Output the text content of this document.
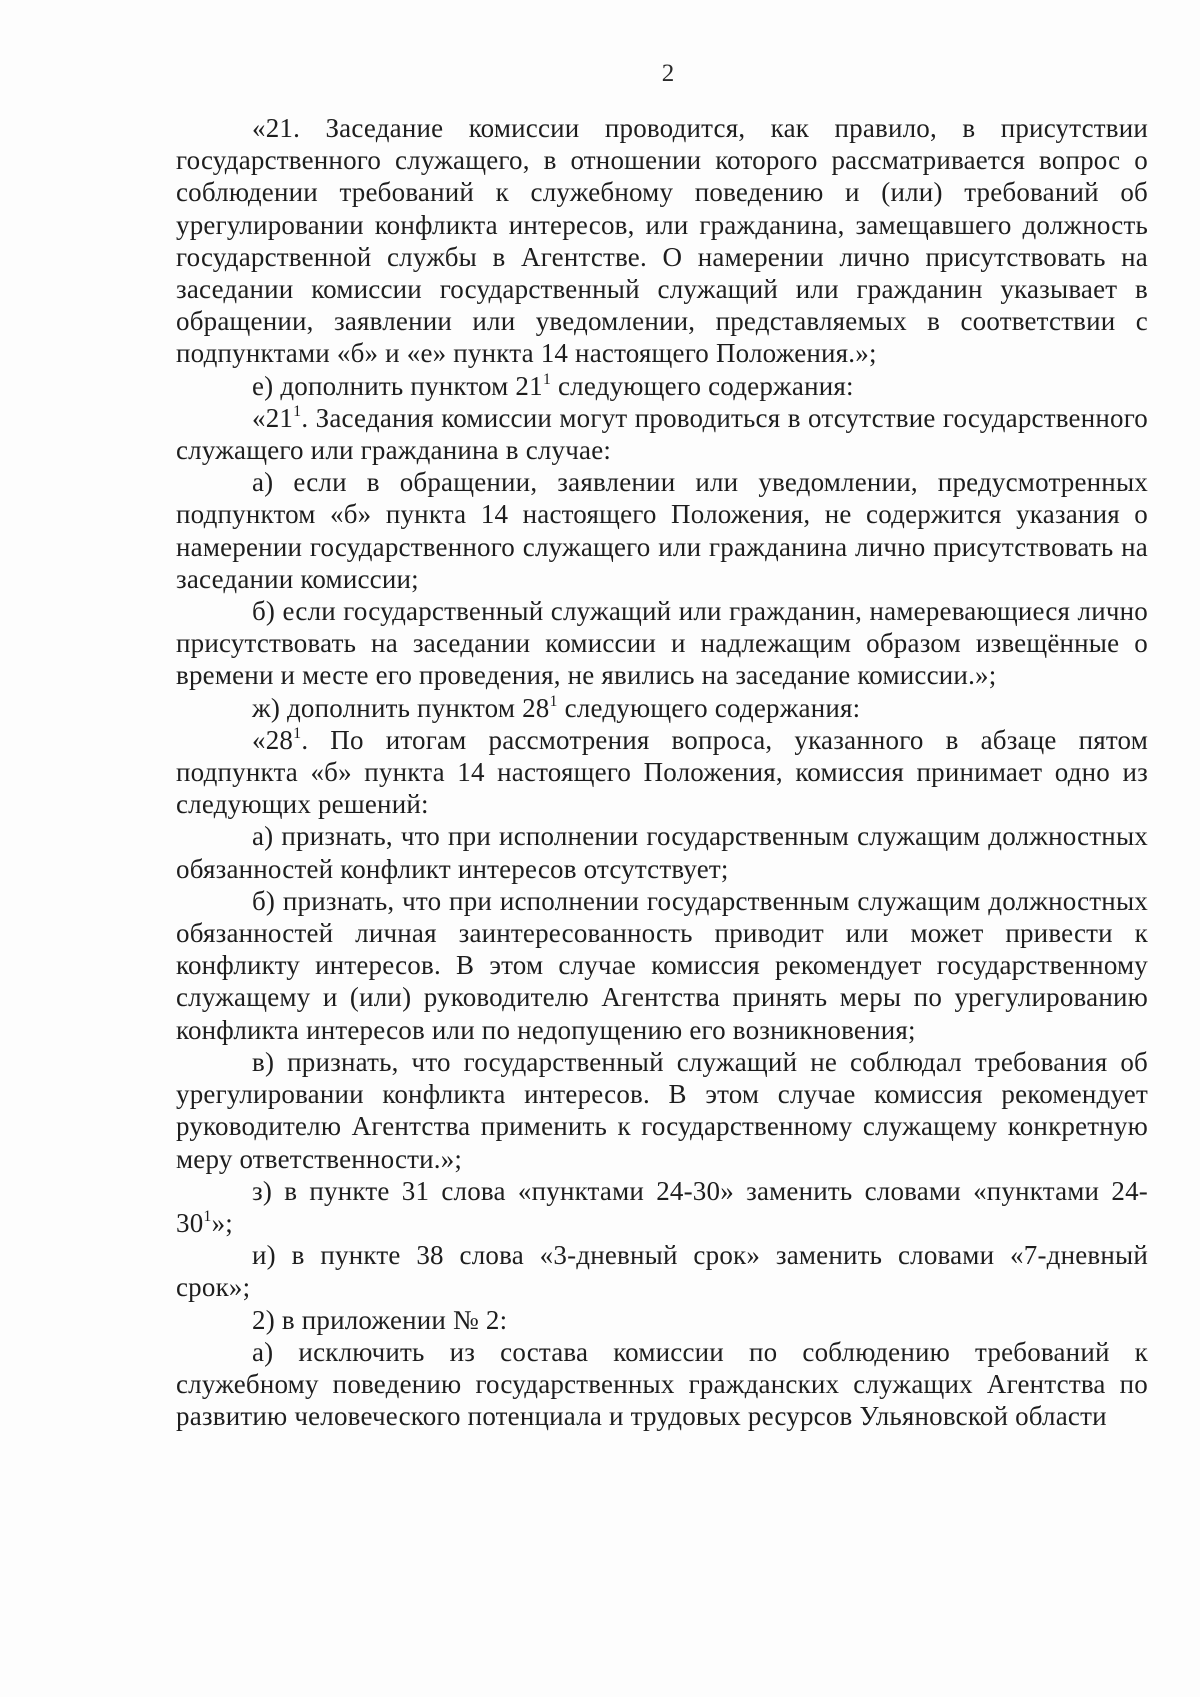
2

«21. Заседание комиссии проводится, как правило, в присутствии государственного служащего, в отношении которого рассматривается вопрос о соблюдении требований к служебному поведению и (или) требований об урегулировании конфликта интересов, или гражданина, замещавшего должность государственной службы в Агентстве. О намерении лично присутствовать на заседании комиссии государственный служащий или гражданин указывает в обращении, заявлении или уведомлении, представляемых в соответствии с подпунктами «б» и «е» пункта 14 настоящего Положения.»;

е) дополнить пунктом $21^1$ следующего содержания:

«$21^1$. Заседания комиссии могут проводиться в отсутствие государственного служащего или гражданина в случае:

а) если в обращении, заявлении или уведомлении, предусмотренных подпунктом «б» пункта 14 настоящего Положения, не содержится указания о намерении государственного служащего или гражданина лично присутствовать на заседании комиссии;

б) если государственный служащий или гражданин, намеревающиеся лично присутствовать на заседании комиссии и надлежащим образом извещённые о времени и месте его проведения, не явились на заседание комиссии.»;

ж) дополнить пунктом $28^1$ следующего содержания:

«$28^1$. По итогам рассмотрения вопроса, указанного в абзаце пятом подпункта «б» пункта 14 настоящего Положения, комиссия принимает одно из следующих решений:

а) признать, что при исполнении государственным служащим должностных обязанностей конфликт интересов отсутствует;

б) признать, что при исполнении государственным служащим должностных обязанностей личная заинтересованность приводит или может привести к конфликту интересов. В этом случае комиссия рекомендует государственному служащему и (или) руководителю Агентства принять меры по урегулированию конфликта интересов или по недопущению его возникновения;

в) признать, что государственный служащий не соблюдал требования об урегулировании конфликта интересов. В этом случае комиссия рекомендует руководителю Агентства применить к государственному служащему конкретную меру ответственности.»;

з) в пункте 31 слова «пунктами 24-30» заменить словами «пунктами $24-30^1$»;

и) в пункте 38 слова «3-дневный срок» заменить словами «7-дневный срок»;

2) в приложении № 2:

а) исключить из состава комиссии по соблюдению требований к служебному поведению государственных гражданских служащих Агентства по развитию человеческого потенциала и трудовых ресурсов Ульяновской области
